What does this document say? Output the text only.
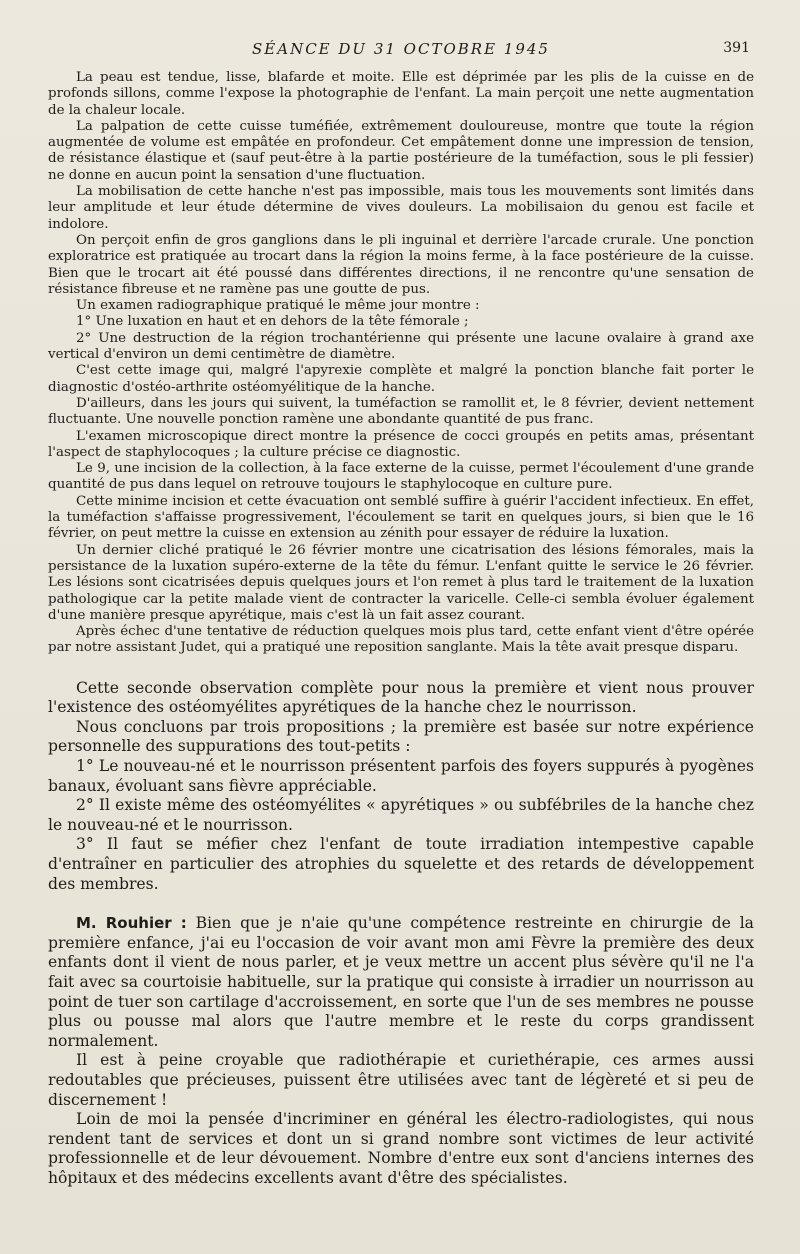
SÉANCE DU 31 OCTOBRE 1945	391

La peau est tendue, lisse, blafarde et moite. Elle est déprimée par les plis de la cuisse en de profonds sillons, comme l'expose la photographie de l'enfant. La main perçoit une nette augmentation de la chaleur locale.

La palpation de cette cuisse tuméfiée, extrêmement douloureuse, montre que toute la région augmentée de volume est empâtée en profondeur. Cet empâtement donne une impression de tension, de résistance élastique et (sauf peut-être à la partie postérieure de la tuméfaction, sous le pli fessier) ne donne en aucun point la sensation d'une fluctuation.

La mobilisation de cette hanche n'est pas impossible, mais tous les mouvements sont limités dans leur amplitude et leur étude détermine de vives douleurs. La mobilisaion du genou est facile et indolore.

On perçoit enfin de gros ganglions dans le pli inguinal et derrière l'arcade crurale. Une ponction exploratrice est pratiquée au trocart dans la région la moins ferme, à la face postérieure de la cuisse. Bien que le trocart ait été poussé dans différentes directions, il ne rencontre qu'une sensation de résistance fibreuse et ne ramène pas une goutte de pus.

Un examen radiographique pratiqué le même jour montre :

1° Une luxation en haut et en dehors de la tête fémorale ;

2° Une destruction de la région trochantérienne qui présente une lacune ovalaire à grand axe vertical d'environ un demi centimètre de diamètre.

C'est cette image qui, malgré l'apyrexie complète et malgré la ponction blanche fait porter le diagnostic d'ostéo-arthrite ostéomyélitique de la hanche.

D'ailleurs, dans les jours qui suivent, la tuméfaction se ramollit et, le 8 février, devient nettement fluctuante. Une nouvelle ponction ramène une abondante quantité de pus franc.

L'examen microscopique direct montre la présence de cocci groupés en petits amas, présentant l'aspect de staphylocoques ; la culture précise ce diagnostic.

Le 9, une incision de la collection, à la face externe de la cuisse, permet l'écoulement d'une grande quantité de pus dans lequel on retrouve toujours le staphylocoque en culture pure.

Cette minime incision et cette évacuation ont semblé suffire à guérir l'accident infectieux. En effet, la tuméfaction s'affaisse progressivement, l'écoulement se tarit en quelques jours, si bien que le 16 février, on peut mettre la cuisse en extension au zénith pour essayer de réduire la luxation.

Un dernier cliché pratiqué le 26 février montre une cicatrisation des lésions fémorales, mais la persistance de la luxation supéro-externe de la tête du fémur. L'enfant quitte le service le 26 février. Les lésions sont cicatrisées depuis quelques jours et l'on remet à plus tard le traitement de la luxation pathologique car la petite malade vient de contracter la varicelle. Celle-ci sembla évoluer également d'une manière presque apyrétique, mais c'est là un fait assez courant.

Après échec d'une tentative de réduction quelques mois plus tard, cette enfant vient d'être opérée par notre assistant Judet, qui a pratiqué une reposition sanglante. Mais la tête avait presque disparu.

Cette seconde observation complète pour nous la première et vient nous prouver l'existence des ostéomyélites apyrétiques de la hanche chez le nourrisson.

Nous concluons par trois propositions ; la première est basée sur notre expérience personnelle des suppurations des tout-petits :

1° Le nouveau-né et le nourrisson présentent parfois des foyers suppurés à pyogènes banaux, évoluant sans fièvre appréciable.

2° Il existe même des ostéomyélites « apyrétiques » ou subfébriles de la hanche chez le nouveau-né et le nourrisson.

3° Il faut se méfier chez l'enfant de toute irradiation intempestive capable d'entraîner en particulier des atrophies du squelette et des retards de développement des membres.

M. Rouhier : Bien que je n'aie qu'une compétence restreinte en chirurgie de la première enfance, j'ai eu l'occasion de voir avant mon ami Fèvre la première des deux enfants dont il vient de nous parler, et je veux mettre un accent plus sévère qu'il ne l'a fait avec sa courtoisie habituelle, sur la pratique qui consiste à irradier un nourrisson au point de tuer son cartilage d'accroissement, en sorte que l'un de ses membres ne pousse plus ou pousse mal alors que l'autre membre et le reste du corps grandissent normalement.

Il est à peine croyable que radiothérapie et curiethérapie, ces armes aussi redoutables que précieuses, puissent être utilisées avec tant de légèreté et si peu de discernement !

Loin de moi la pensée d'incriminer en général les électro-radiologistes, qui nous rendent tant de services et dont un si grand nombre sont victimes de leur activité professionnelle et de leur dévouement. Nombre d'entre eux sont d'anciens internes des hôpitaux et des médecins excellents avant d'être des spécialistes.
